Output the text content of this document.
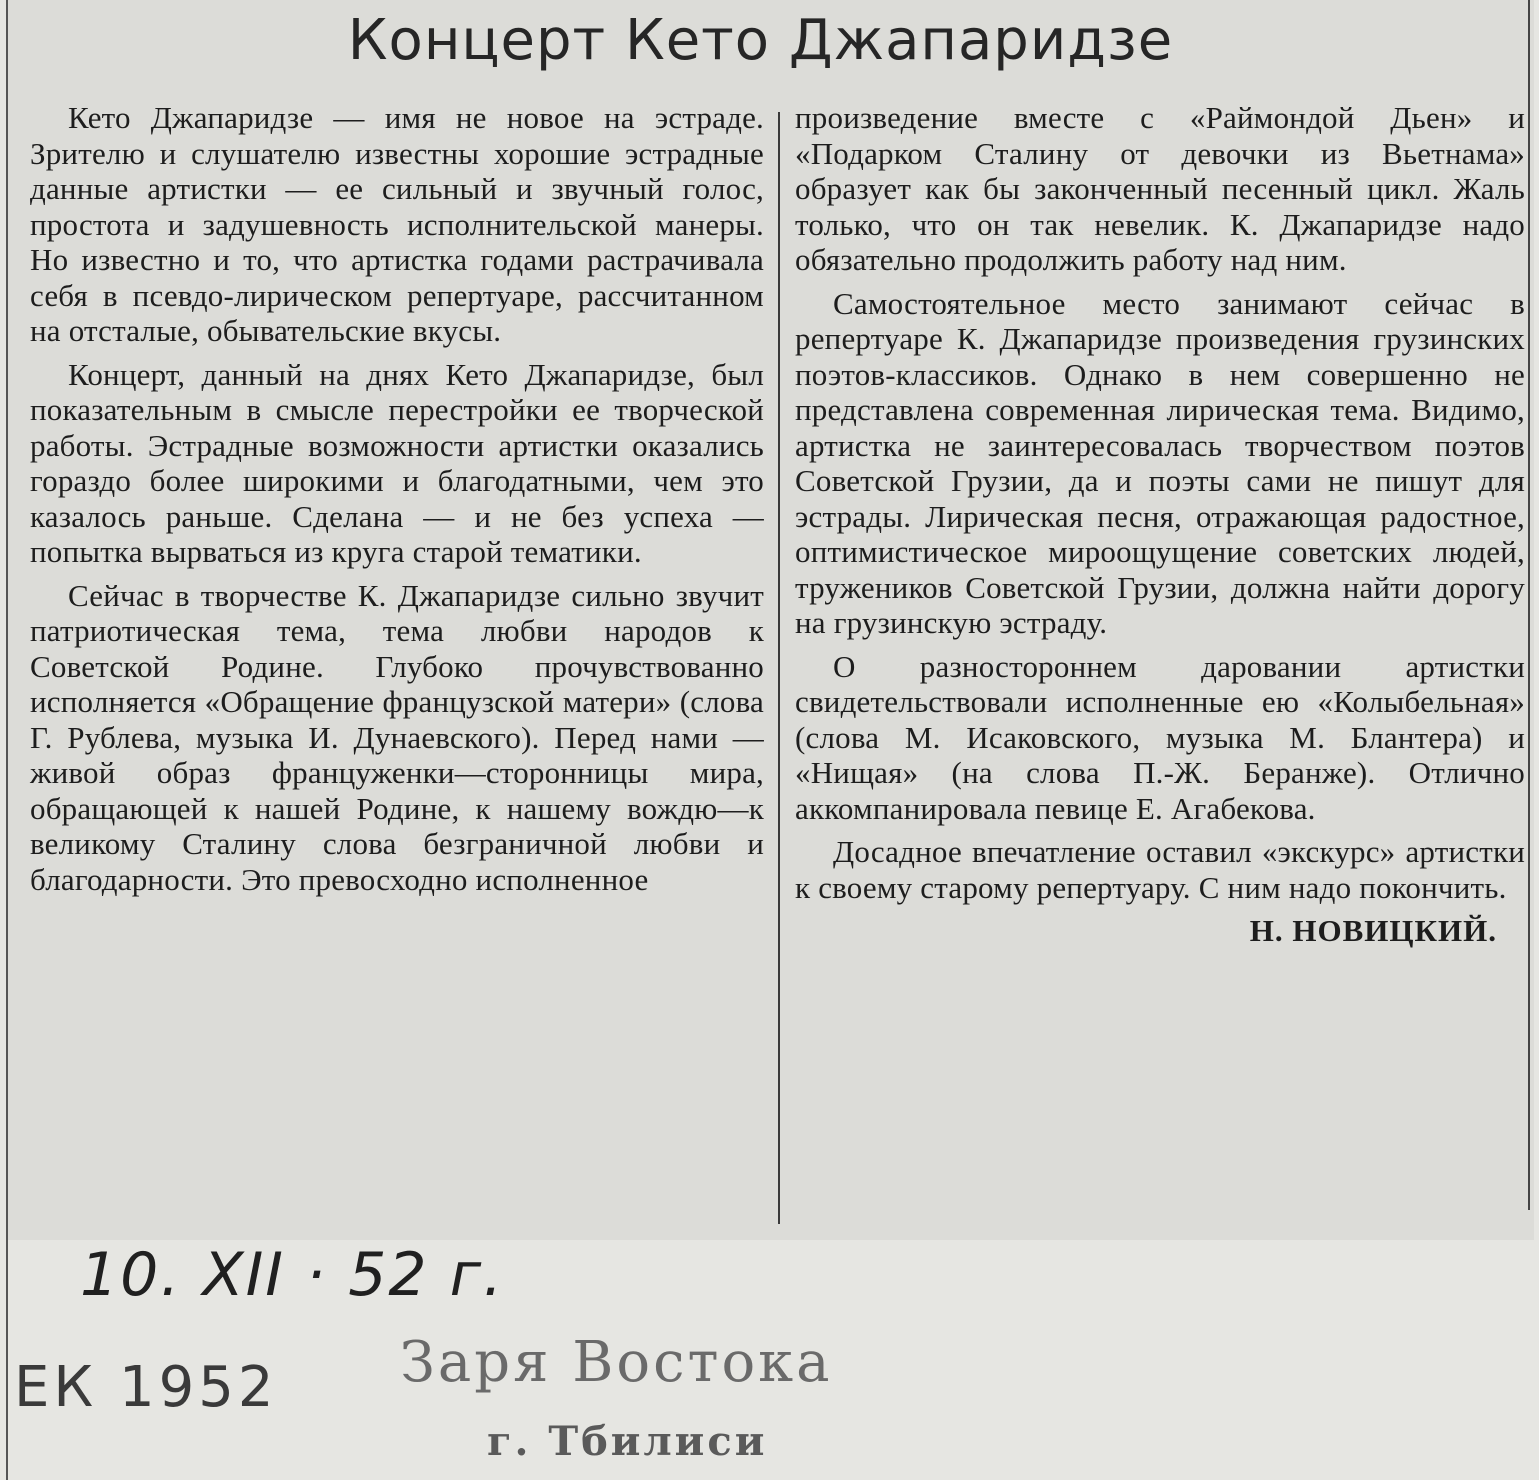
Концерт Кето Джапаридзе

Кето Джапаридзе — имя не новое на эстраде. Зрителю и слушателю известны хорошие эстрадные данные артистки — ее сильный и звучный голос, простота и задушевность исполнительской манеры. Но известно и то, что артистка годами растрачивала себя в псевдо-лирическом репертуаре, рассчитанном на отсталые, обывательские вкусы.

Концерт, данный на днях Кето Джапаридзе, был показательным в смысле перестройки ее творческой работы. Эстрадные возможности артистки оказались гораздо более широкими и благодатными, чем это казалось раньше. Сделана — и не без успеха — попытка вырваться из круга старой тематики.

Сейчас в творчестве К. Джапаридзе сильно звучит патриотическая тема, тема любви народов к Советской Родине. Глубоко прочувствованно исполняется «Обращение французской матери» (слова Г. Рублева, музыка И. Дунаевского). Перед нами — живой образ француженки—сторонницы мира, обращающей к нашей Родине, к нашему вождю—к великому Сталину слова безграничной любви и благодарности. Это превосходно исполненное

произведение вместе с «Раймондой Дьен» и «Подарком Сталину от девочки из Вьетнама» образует как бы законченный песенный цикл. Жаль только, что он так невелик. К. Джапаридзе надо обязательно продолжить работу над ним.

Самостоятельное место занимают сейчас в репертуаре К. Джапаридзе произведения грузинских поэтов-классиков. Однако в нем совершенно не представлена современная лирическая тема. Видимо, артистка не заинтересовалась творчеством поэтов Советской Грузии, да и поэты сами не пишут для эстрады. Лирическая песня, отражающая радостное, оптимистическое мироощущение советских людей, тружеников Советской Грузии, должна найти дорогу на грузинскую эстраду.

О разностороннем даровании артистки свидетельствовали исполненные ею «Колыбельная» (слова М. Исаковского, музыка М. Блантера) и «Нищая» (на слова П.-Ж. Беранже). Отлично аккомпанировала певице Е. Агабекова.

Досадное впечатление оставил «экскурс» артистки к своему старому репертуару. С ним надо покончить.

Н. НОВИЦКИЙ.
10. XII · 52 г.
ЕК 1952 Заря Востока
г. Тбилиси
